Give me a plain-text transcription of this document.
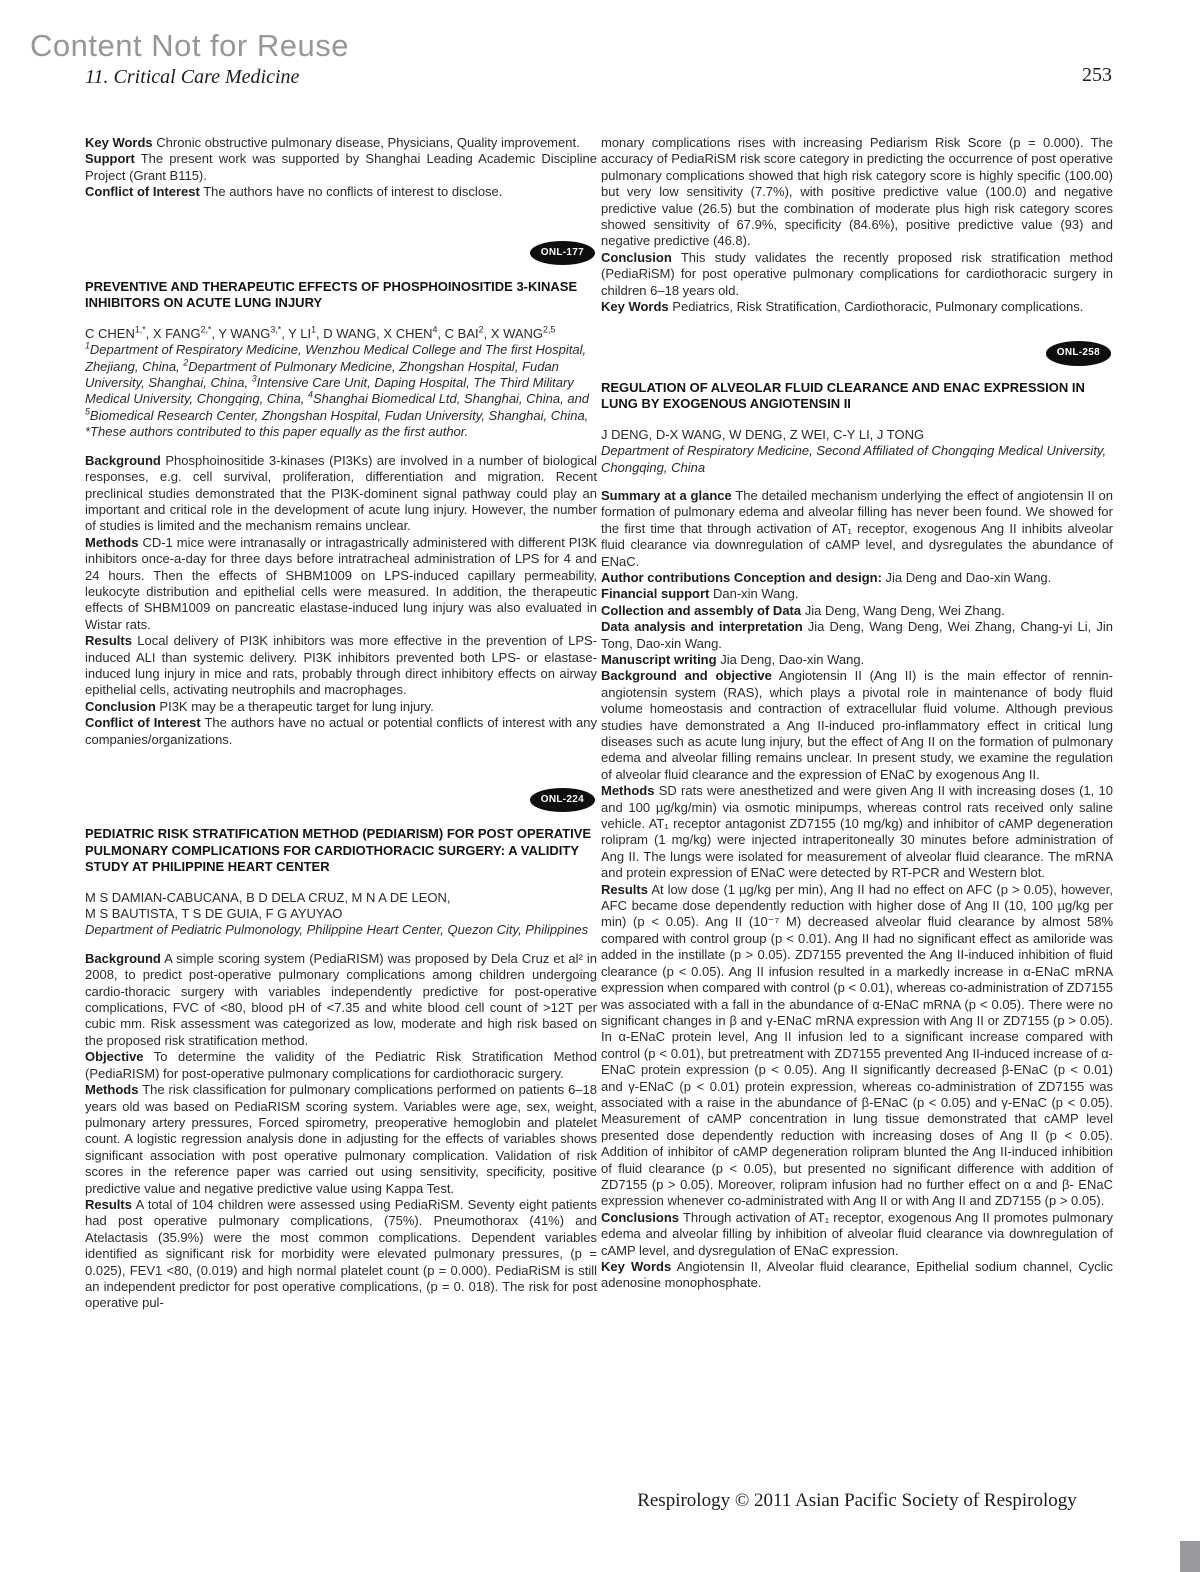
Content Not for Reuse
11. Critical Care Medicine	253

Key Words Chronic obstructive pulmonary disease, Physicians, Quality improvement.

Support The present work was supported by Shanghai Leading Academic Discipline Project (Grant B115).

Conflict of Interest The authors have no conflicts of interest to disclose.

ONL-177

PREVENTIVE AND THERAPEUTIC EFFECTS OF PHOSPHOINOSITIDE 3-KINASE INHIBITORS ON ACUTE LUNG INJURY

C $CHEN^{1,*}$, X $FANG^{2,*}$, Y $WANG^{3,*}$, Y $LI^1$, D WANG, X CHEN$^4$, C BAI$^2$, X WANG$^{2,5}$

$^1$Department of Respiratory Medicine, Wenzhou Medical College and The first Hospital, Zhejiang, China, $^2$Department of Pulmonary Medicine, Zhongshan Hospital, Fudan University, Shanghai, China, $^3$Intensive Care Unit, Daping Hospital, The Third Military Medical University, Chongqing, China, $^4$Shanghai Biomedical Ltd, Shanghai, China, and $^5$Biomedical Research Center, Zhongshan Hospital, Fudan University, Shanghai, China, *These authors contributed to this paper equally as the first author.

Background Phosphoinositide 3-kinases (PI3Ks) are involved in a number of biological responses, e.g. cell survival, proliferation, differentiation and migration. Recent preclinical studies demonstrated that the PI3K-dominent signal pathway could play an important and critical role in the development of acute lung injury. However, the number of studies is limited and the mechanism remains unclear.

Methods CD-1 mice were intranasally or intragastrically administered with different PI3K inhibitors once-a-day for three days before intratracheal administration of LPS for 4 and 24 hours. Then the effects of SHBM1009 on LPS-induced capillary permeability, leukocyte distribution and epithelial cells were measured. In addition, the therapeutic effects of SHBM1009 on pancreatic elastase-induced lung injury was also evaluated in Wistar rats.

Results Local delivery of PI3K inhibitors was more effective in the prevention of LPS-induced ALI than systemic delivery. PI3K inhibitors prevented both LPS- or elastase-induced lung injury in mice and rats, probably through direct inhibitory effects on airway epithelial cells, activating neutrophils and macrophages.

Conclusion PI3K may be a therapeutic target for lung injury.

Conflict of Interest The authors have no actual or potential conflicts of interest with any companies/organizations.

ONL-224

PEDIATRIC RISK STRATIFICATION METHOD (PEDIARISM) FOR POST OPERATIVE PULMONARY COMPLICATIONS FOR CARDIOTHORACIC SURGERY: A VALIDITY STUDY AT PHILIPPINE HEART CENTER

M S DAMIAN-CABUCANA, B D DELA CRUZ, M N A DE LEON,
M S BAUTISTA, T S DE GUIA, F G AYUYAO

Department of Pediatric Pulmonology, Philippine Heart Center, Quezon City, Philippines

Background A simple scoring system (PediaRISM) was proposed by Dela Cruz et al² in 2008, to predict post-operative pulmonary complications among children undergoing cardio-thoracic surgery with variables independently predictive for post-operative complications, FVC of <80, blood pH of <7.35 and white blood cell count of >12T per cubic mm. Risk assessment was categorized as low, moderate and high risk based on the proposed risk stratification method.

Objective To determine the validity of the Pediatric Risk Stratification Method (PediaRISM) for post-operative pulmonary complications for cardiothoracic surgery.

Methods The risk classification for pulmonary complications performed on patients 6–18 years old was based on PediaRISM scoring system. Variables were age, sex, weight, pulmonary artery pressures, Forced spirometry, preoperative hemoglobin and platelet count. A logistic regression analysis done in adjusting for the effects of variables shows significant association with post operative pulmonary complication. Validation of risk scores in the reference paper was carried out using sensitivity, specificity, positive predictive value and negative predictive value using Kappa Test.

Results A total of 104 children were assessed using PediaRiSM. Seventy eight patients had post operative pulmonary complications, (75%). Pneumothorax (41%) and Atelactasis (35.9%) were the most common complications. Dependent variables identified as significant risk for morbidity were elevated pulmonary pressures, (p = 0.025), FEV1 <80, (0.019) and high normal platelet count (p = 0.000). PediaRiSM is still an independent predictor for post operative complications, (p = 0. 018). The risk for post operative pul-

monary complications rises with increasing Pediarism Risk Score (p = 0.000). The accuracy of PediaRiSM risk score category in predicting the occurrence of post operative pulmonary complications showed that high risk category score is highly specific (100.00) but very low sensitivity (7.7%), with positive predictive value (100.0) and negative predictive value (26.5) but the combination of moderate plus high risk category scores showed sensitivity of 67.9%, specificity (84.6%), positive predictive value (93) and negative predictive (46.8).

Conclusion This study validates the recently proposed risk stratification method (PediaRiSM) for post operative pulmonary complications for cardiothoracic surgery in children 6–18 years old.

Key Words Pediatrics, Risk Stratification, Cardiothoracic, Pulmonary complications.

ONL-258

REGULATION OF ALVEOLAR FLUID CLEARANCE AND ENAC EXPRESSION IN LUNG BY EXOGENOUS ANGIOTENSIN II

J DENG, D-X WANG, W DENG, Z WEI, C-Y LI, J TONG

Department of Respiratory Medicine, Second Affiliated of Chongqing Medical University, Chongqing, China

Summary at a glance The detailed mechanism underlying the effect of angiotensin II on formation of pulmonary edema and alveolar filling has never been found. We showed for the first time that through activation of AT₁ receptor, exogenous Ang II inhibits alveolar fluid clearance via downregulation of cAMP level, and dysregulates the abundance of ENaC.

Author contributions Conception and design: Jia Deng and Dao-xin Wang.

Financial support Dan-xin Wang.

Collection and assembly of Data Jia Deng, Wang Deng, Wei Zhang.

Data analysis and interpretation Jia Deng, Wang Deng, Wei Zhang, Chang-yi Li, Jin Tong, Dao-xin Wang.

Manuscript writing Jia Deng, Dao-xin Wang.

Background and objective Angiotensin II (Ang II) is the main effector of rennin-angiotensin system (RAS), which plays a pivotal role in maintenance of body fluid volume homeostasis and contraction of extracellular fluid volume. Although previous studies have demonstrated a Ang II-induced pro-inflammatory effect in critical lung diseases such as acute lung injury, but the effect of Ang II on the formation of pulmonary edema and alveolar filling remains unclear. In present study, we examine the regulation of alveolar fluid clearance and the expression of ENaC by exogenous Ang II.

Methods SD rats were anesthetized and were given Ang II with increasing doses (1, 10 and 100 µg/kg/min) via osmotic minipumps, whereas control rats received only saline vehicle. AT₁ receptor antagonist ZD7155 (10 mg/kg) and inhibitor of cAMP degeneration rolipram (1 mg/kg) were injected intraperitoneally 30 minutes before administration of Ang II. The lungs were isolated for measurement of alveolar fluid clearance. The mRNA and protein expression of ENaC were detected by RT-PCR and Western blot.

Results At low dose (1 µg/kg per min), Ang II had no effect on AFC (p > 0.05), however, AFC became dose dependently reduction with higher dose of Ang II (10, 100 µg/kg per min) (p < 0.05). Ang II (10⁻⁷ M) decreased alveolar fluid clearance by almost 58% compared with control group (p < 0.01). Ang II had no significant effect as amiloride was added in the instillate (p > 0.05). ZD7155 prevented the Ang II-induced inhibition of fluid clearance (p < 0.05). Ang II infusion resulted in a markedly increase in α-ENaC mRNA expression when compared with control (p < 0.01), whereas co-administration of ZD7155 was associated with a fall in the abundance of α-ENaC mRNA (p < 0.05). There were no significant changes in β and γ-ENaC mRNA expression with Ang II or ZD7155 (p > 0.05). In α-ENaC protein level, Ang II infusion led to a significant increase compared with control (p < 0.01), but pretreatment with ZD7155 prevented Ang II-induced increase of α-ENaC protein expression (p < 0.05). Ang II significantly decreased β-ENaC (p < 0.01) and γ-ENaC (p < 0.01) protein expression, whereas co-administration of ZD7155 was associated with a raise in the abundance of β-ENaC (p < 0.05) and γ-ENaC (p < 0.05). Measurement of cAMP concentration in lung tissue demonstrated that cAMP level presented dose dependently reduction with increasing doses of Ang II (p < 0.05). Addition of inhibitor of cAMP degeneration rolipram blunted the Ang II-induced inhibition of fluid clearance (p < 0.05), but presented no significant difference with addition of ZD7155 (p > 0.05). Moreover, rolipram infusion had no further effect on α and β- ENaC expression whenever co-administrated with Ang II or with Ang II and ZD7155 (p > 0.05).

Conclusions Through activation of AT₁ receptor, exogenous Ang II promotes pulmonary edema and alveolar filling by inhibition of alveolar fluid clearance via downregulation of cAMP level, and dysregulation of ENaC expression.

Key Words Angiotensin II, Alveolar fluid clearance, Epithelial sodium channel, Cyclic adenosine monophosphate.

Respirology © 2011 Asian Pacific Society of Respirology
